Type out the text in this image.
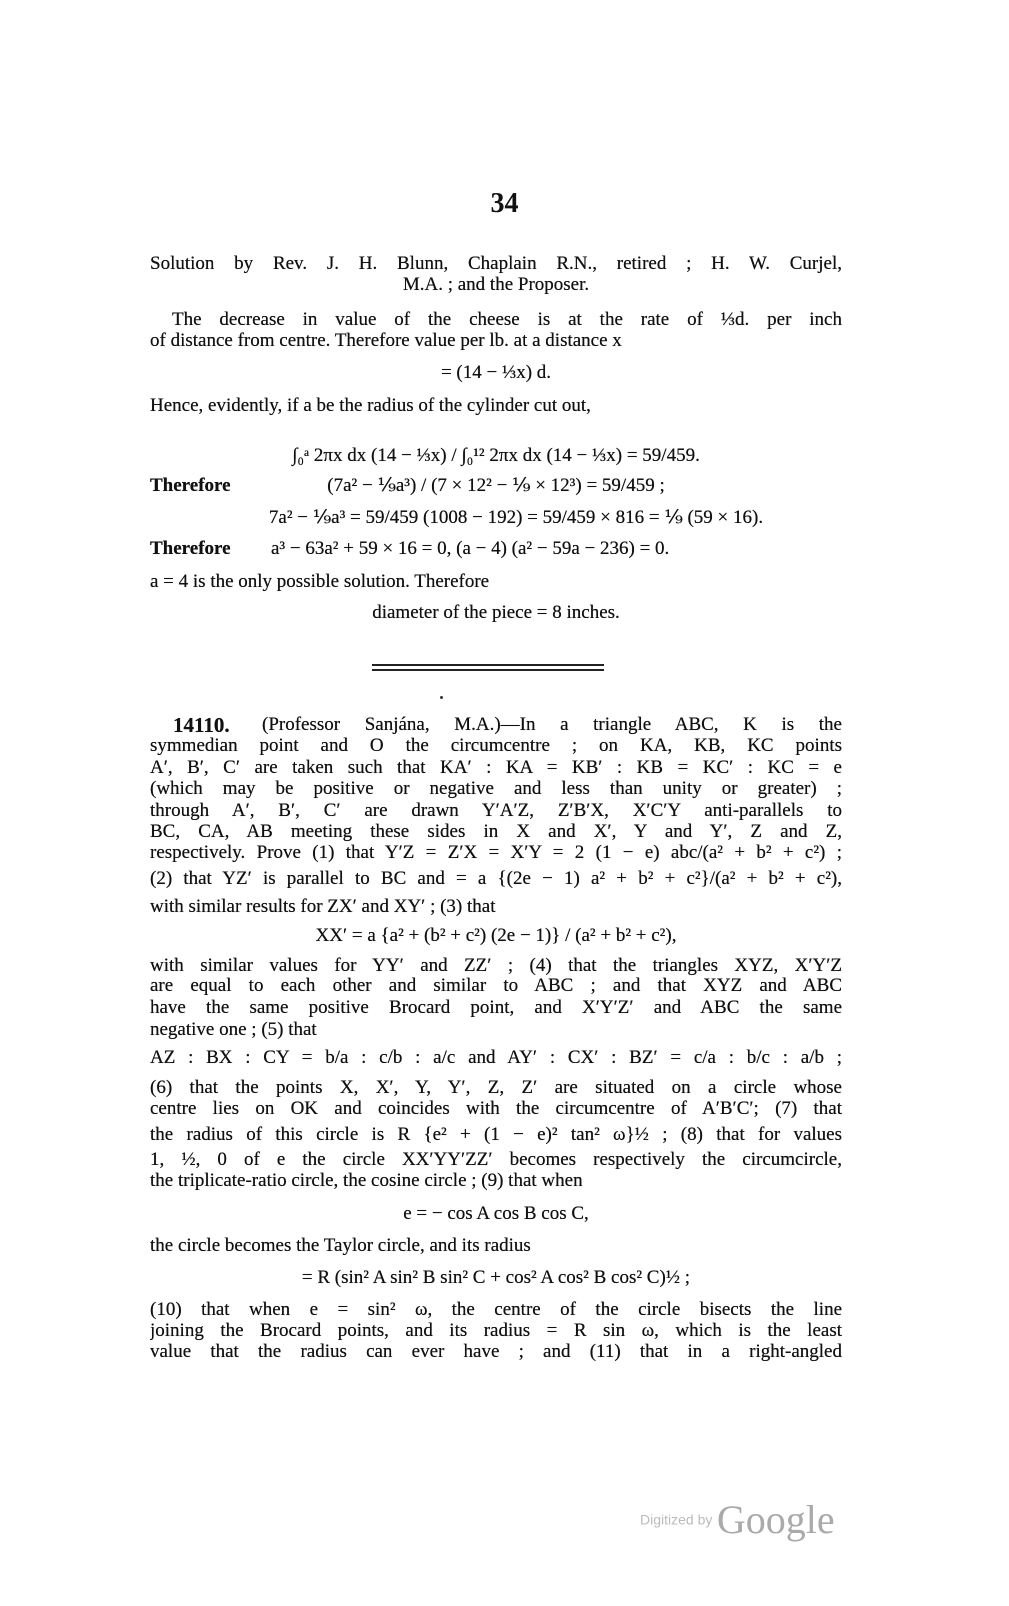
34
Solution by Rev. J. H. Blunn, Chaplain R.N., retired ; H. W. Curjel,
M.A. ; and the Proposer.
The decrease in value of the cheese is at the rate of ⅓d. per inch
of distance from centre. Therefore value per lb. at a distance x
= (14 − ⅓x) d.
Hence, evidently, if a be the radius of the cylinder cut out,
∫₀ᵃ 2πx dx (14 − ⅓x) / ∫₀¹² 2πx dx (14 − ⅓x) = 59/459.
Therefore	(7a² − ⅑a³) / (7 × 12² − ⅑ × 12³) = 59/459 ;
7a² − ⅑a³ = 59/459 (1008 − 192) = 59/459 × 816 = ⅑ (59 × 16).
Therefore	a³ − 63a² + 59 × 16 = 0, (a − 4) (a² − 59a − 236) = 0.
a = 4 is the only possible solution. Therefore
diameter of the piece = 8 inches.
14110.	(Professor Sanjána, M.A.)—In a triangle ABC, K is the
symmedian point and O the circumcentre ; on KA, KB, KC points
A′, B′, C′ are taken such that KA′ : KA = KB′ : KB = KC′ : KC = e
(which may be positive or negative and less than unity or greater) ;
through A′, B′, C′ are drawn Y′A′Z, Z′B′X, X′C′Y anti-parallels to
BC, CA, AB meeting these sides in X and X′, Y and Y′, Z and Z,
respectively. Prove (1) that Y′Z = Z′X = X′Y = 2 (1 − e) abc/(a² + b² + c²) ;
(2) that YZ′ is parallel to BC and = a {(2e − 1) a² + b² + c²}/(a² + b² + c²),
with similar results for ZX′ and XY′ ; (3) that
XX′ = a {a² + (b² + c²) (2e − 1)} / (a² + b² + c²),
with similar values for YY′ and ZZ′ ; (4) that the triangles XYZ, X′Y′Z
are equal to each other and similar to ABC ; and that XYZ and ABC
have the same positive Brocard point, and X′Y′Z′ and ABC the same
negative one ; (5) that
AZ : BX : CY = b/a : c/b : a/c and AY′ : CX′ : BZ′ = c/a : b/c : a/b ;
(6) that the points X, X′, Y, Y′, Z, Z′ are situated on a circle whose
centre lies on OK and coincides with the circumcentre of A′B′C′; (7) that
the radius of this circle is R {e² + (1 − e)² tan² ω}½ ; (8) that for values
1, ½, 0 of e the circle XX′YY′ZZ′ becomes respectively the circumcircle,
the triplicate-ratio circle, the cosine circle ; (9) that when
e = − cos A cos B cos C,
the circle becomes the Taylor circle, and its radius
= R (sin² A sin² B sin² C + cos² A cos² B cos² C)½ ;
(10) that when e = sin² ω, the centre of the circle bisects the line
joining the Brocard points, and its radius = R sin ω, which is the least
value that the radius can ever have ; and (11) that in a right-angled
Digitized by Google
